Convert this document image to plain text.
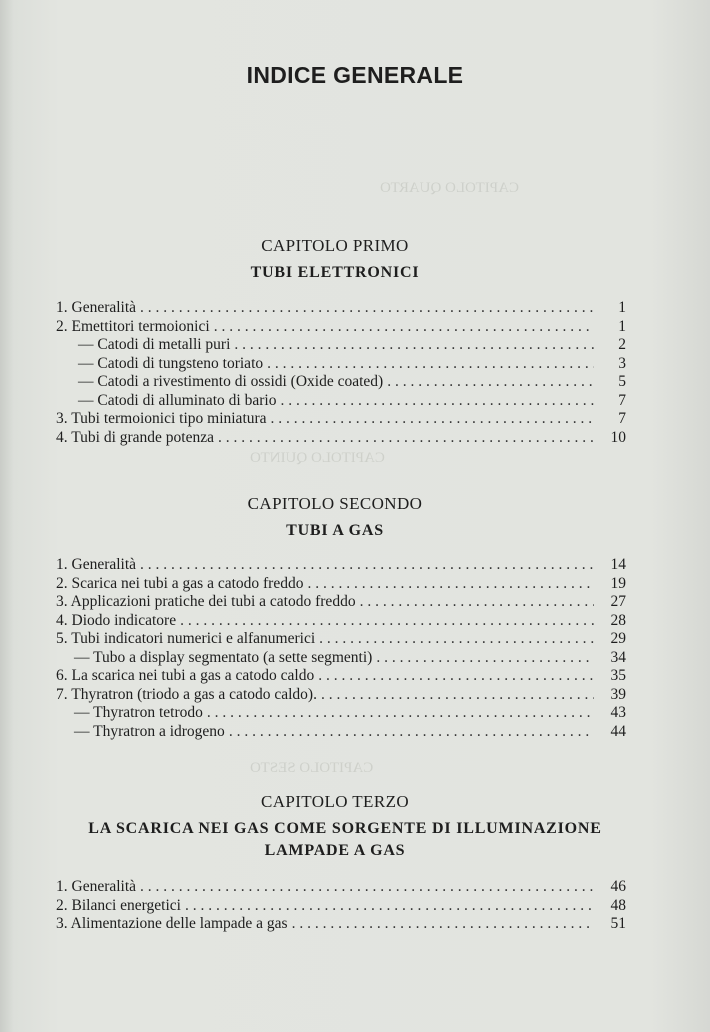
CAPITOLO QUARTO
CAPITOLO QUINTO
CAPITOLO SESTO
INDICE GENERALE
CAPITOLO PRIMO
TUBI ELETTRONICI
1. Generalità . . .	1
2. Emettitori termoionici . . .	1
— Catodi di metalli puri . . .	2
— Catodi di tungsteno toriato . . .	3
— Catodi a rivestimento di ossidi (Oxide coated) . . .	5
— Catodi di alluminato di bario . . .	7
3. Tubi termoionici tipo miniatura . . .	7
4. Tubi di grande potenza . . .	10
CAPITOLO SECONDO
TUBI A GAS
1. Generalità . . .	14
2. Scarica nei tubi a gas a catodo freddo . . .	19
3. Applicazioni pratiche dei tubi a catodo freddo . . .	27
4. Diodo indicatore . . .	28
5. Tubi indicatori numerici e alfanumerici . . .	29
— Tubo a display segmentato (a sette segmenti) . . .	34
6. La scarica nei tubi a gas a catodo caldo . . .	35
7. Thyratron (triodo a gas a catodo caldo). . . .	39
— Thyratron tetrodo . . .	43
— Thyratron a idrogeno . . .	44
CAPITOLO TERZO
LA SCARICA NEI GAS COME SORGENTE DI ILLUMINAZIONE
LAMPADE A GAS
1. Generalità . . .	46
2. Bilanci energetici . . .	48
3. Alimentazione delle lampade a gas . . .	51
